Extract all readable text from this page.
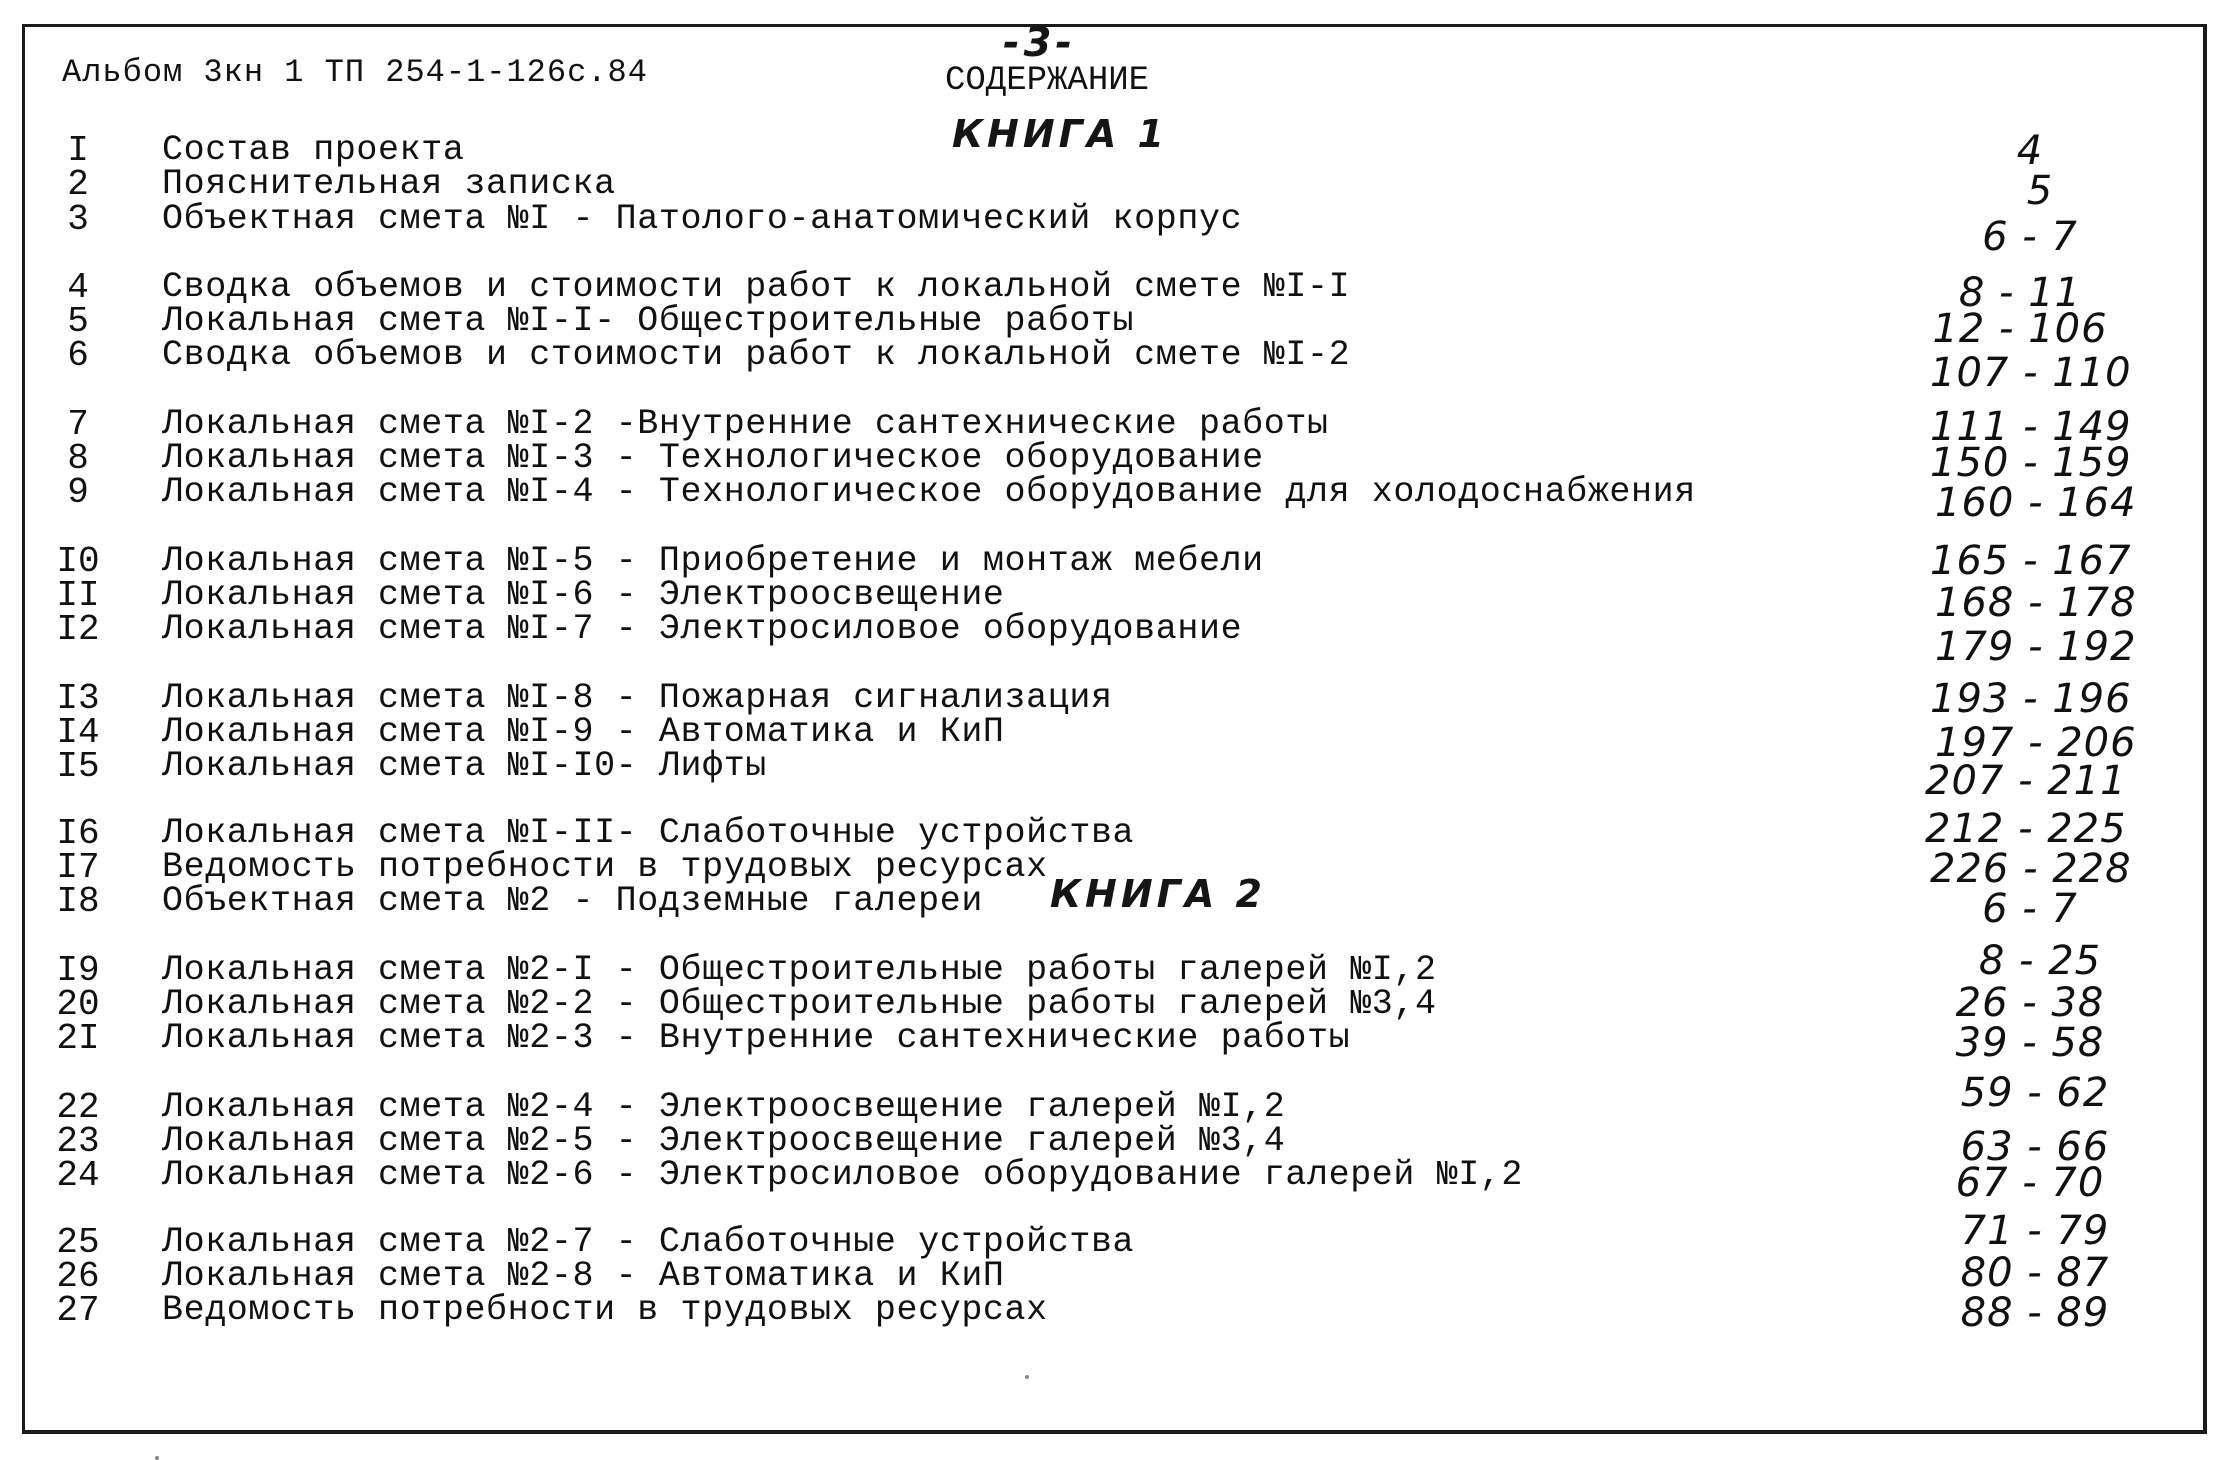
Альбом 3кн 1 ТП 254-1-126с.84
-3-
СОДЕРЖАНИЕ
КНИГА 1
КНИГА 2
I	Состав проекта	4
2	Пояснительная записка	5
3	Объектная смета №I - Патолого-анатомический корпус	6 - 7
4	Сводка объемов и стоимости работ к локальной смете №I-I	8 - 11
5	Локальная смета №I-I- Общестроительные работы	12 - 106
6	Сводка объемов и стоимости работ к локальной смете №I-2	107 - 110
7	Локальная смета №I-2 -Внутренние сантехнические работы	111 - 149
8	Локальная смета №I-3 - Технологическое оборудование	150 - 159
9	Локальная смета №I-4 - Технологическое оборудование для холодоснабжения	160 - 164
I0 Локальная смета №I-5 - Приобретение и монтаж мебели	165 - 167
II Локальная смета №I-6 - Электроосвещение	168 - 178
I2 Локальная смета №I-7 - Электросиловое оборудование	179 - 192
I3 Локальная смета №I-8 - Пожарная сигнализация	193 - 196
I4 Локальная смета №I-9 - Автоматика и КиП	197 - 206
I5 Локальная смета №I-I0- Лифты	207 - 211
I6 Локальная смета №I-II- Слаботочные устройства	212 - 225
I7 Ведомость потребности в трудовых ресурсах	226 - 228
I8 Объектная смета №2 - Подземные галереи	6 - 7
I9 Локальная смета №2-I - Общестроительные работы галерей №I,2	8 - 25
20 Локальная смета №2-2 - Общестроительные работы галерей №3,4	26 - 38
2I Локальная смета №2-3 - Внутренние сантехнические работы	39 - 58
22 Локальная смета №2-4 - Электроосвещение галерей №I,2	59 - 62
23 Локальная смета №2-5 - Электроосвещение галерей №3,4	63 - 66
24 Локальная смета №2-6 - Электросиловое оборудование галерей №I,2	67 - 70
25 Локальная смета №2-7 - Слаботочные устройства	71 - 79
26 Локальная смета №2-8 - Автоматика и КиП	80 - 87
27 Ведомость потребности в трудовых ресурсах	88 - 89
